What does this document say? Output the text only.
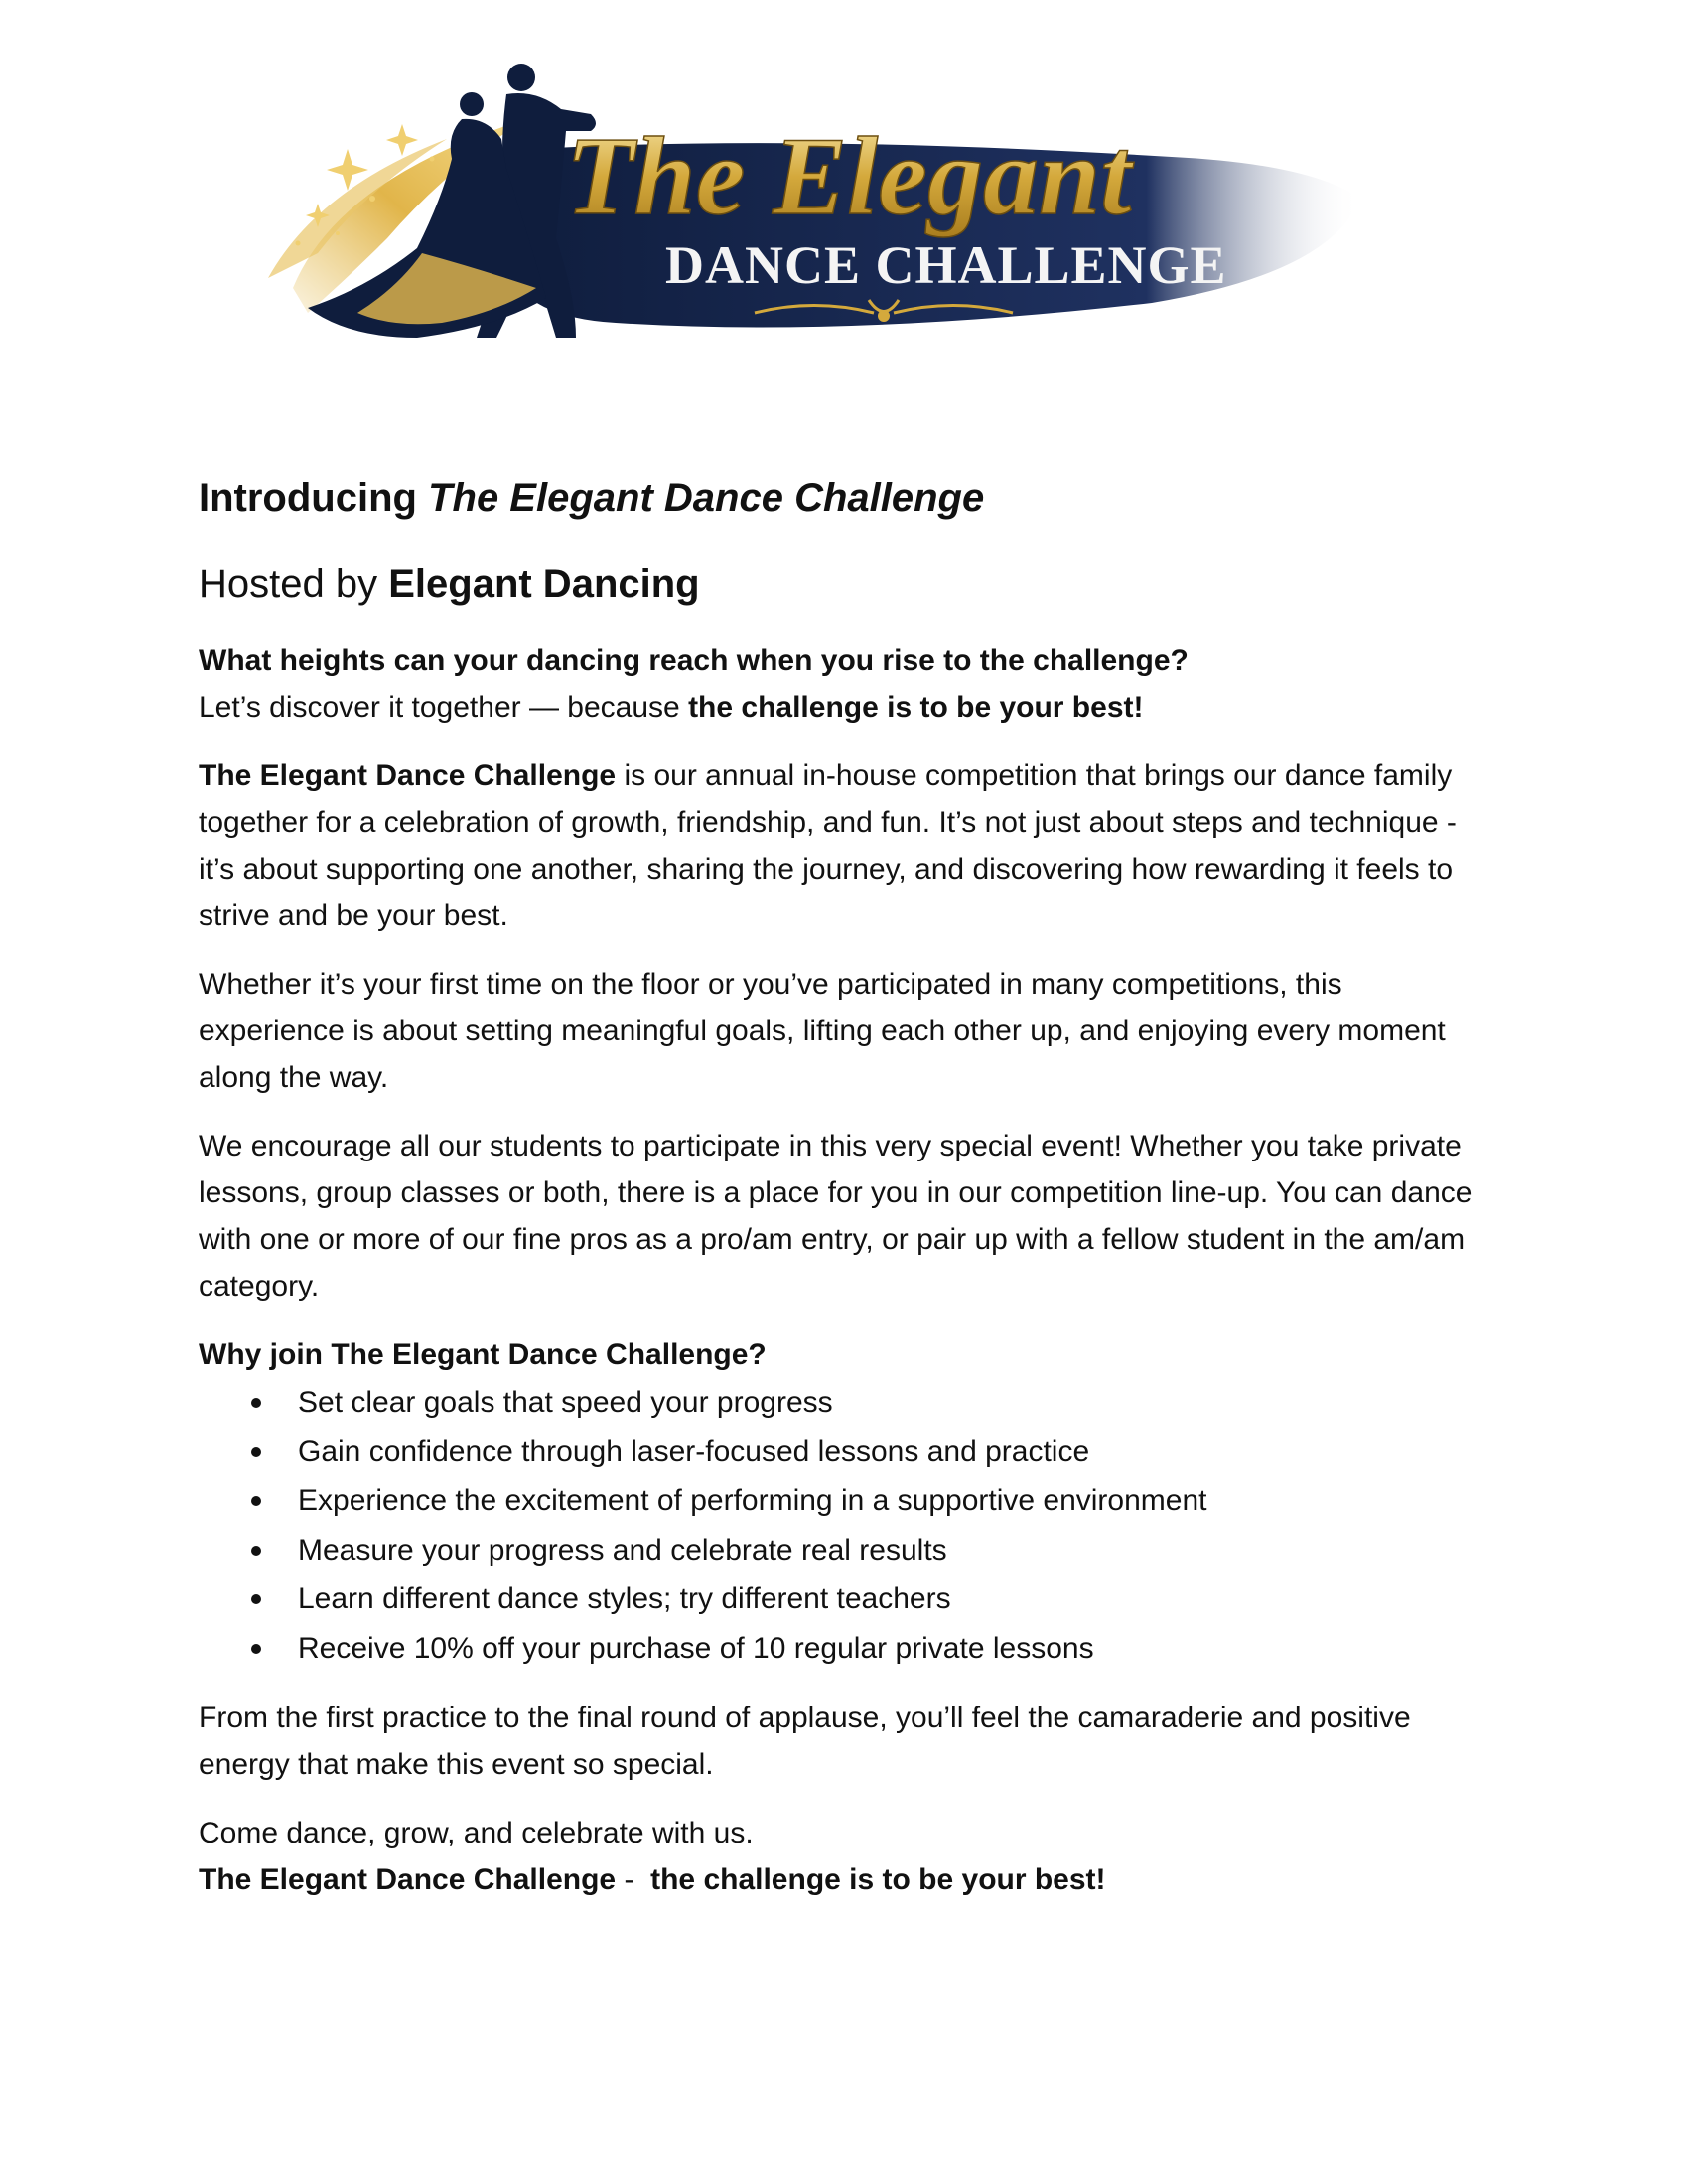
The Elegant
DANCE CHALLENGE

Introducing The Elegant Dance Challenge

Hosted by Elegant Dancing

What heights can your dancing reach when you rise to the challenge?
Let’s discover it together — because the challenge is to be your best!

The Elegant Dance Challenge is our annual in-house competition that brings our dance family together for a celebration of growth, friendship, and fun. It’s not just about steps and technique - it’s about supporting one another, sharing the journey, and discovering how rewarding it feels to strive and be your best.

Whether it’s your first time on the floor or you’ve participated in many competitions, this experience is about setting meaningful goals, lifting each other up, and enjoying every moment along the way.

We encourage all our students to participate in this very special event! Whether you take private lessons, group classes or both, there is a place for you in our competition line-up. You can dance with one or more of our fine pros as a pro/am entry, or pair up with a fellow student in the am/am category.

Why join The Elegant Dance Challenge?

Set clear goals that speed your progress
Gain confidence through laser-focused lessons and practice
Experience the excitement of performing in a supportive environment
Measure your progress and celebrate real results
Learn different dance styles; try different teachers
Receive 10% off your purchase of 10 regular private lessons

From the first practice to the final round of applause, you’ll feel the camaraderie and positive energy that make this event so special.

Come dance, grow, and celebrate with us.
The Elegant Dance Challenge -  the challenge is to be your best!
